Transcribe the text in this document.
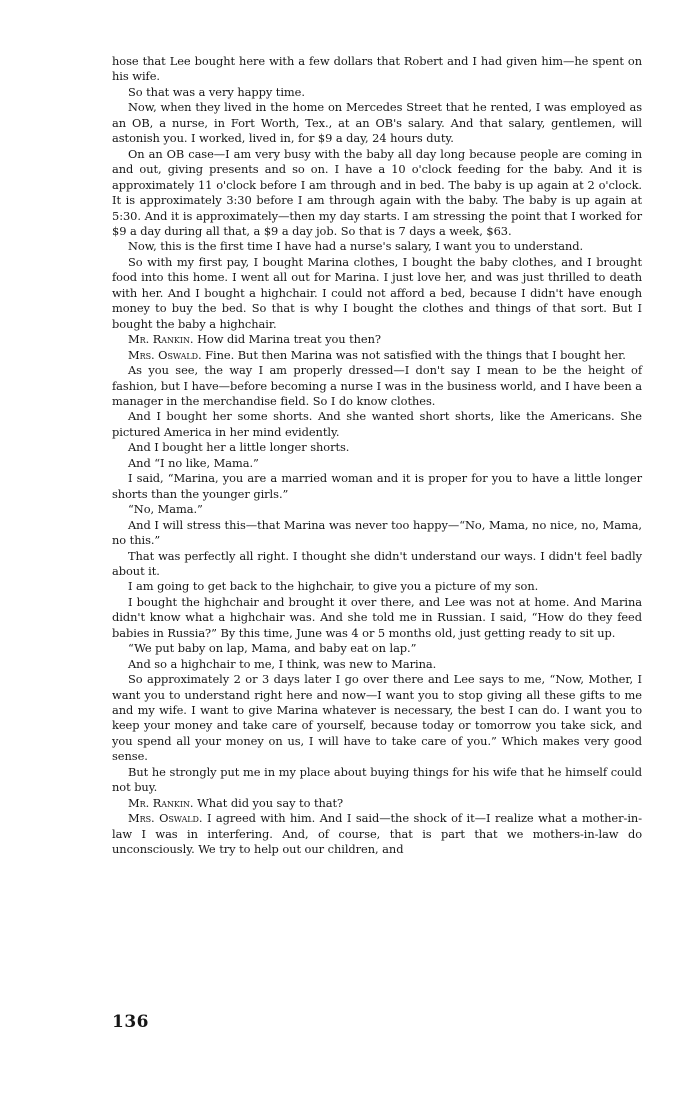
hose that Lee bought here with a few dollars that Robert and I had given him—he spent on his wife.

So that was a very happy time.

Now, when they lived in the home on Mercedes Street that he rented, I was employed as an OB, a nurse, in Fort Worth, Tex., at an OB's salary. And that salary, gentlemen, will astonish you. I worked, lived in, for $9 a day, 24 hours duty.

On an OB case—I am very busy with the baby all day long because people are coming in and out, giving presents and so on. I have a 10 o'clock feeding for the baby. And it is approximately 11 o'clock before I am through and in bed. The baby is up again at 2 o'clock. It is approximately 3:30 before I am through again with the baby. The baby is up again at 5:30. And it is approximately—then my day starts. I am stressing the point that I worked for $9 a day during all that, a $9 a day job. So that is 7 days a week, $63.

Now, this is the first time I have had a nurse's salary, I want you to understand.

So with my first pay, I bought Marina clothes, I bought the baby clothes, and I brought food into this home. I went all out for Marina. I just love her, and was just thrilled to death with her. And I bought a highchair. I could not afford a bed, because I didn't have enough money to buy the bed. So that is why I bought the clothes and things of that sort. But I bought the baby a highchair.

Mr. Rankin. How did Marina treat you then?

Mrs. Oswald. Fine. But then Marina was not satisfied with the things that I bought her.

As you see, the way I am properly dressed—I don't say I mean to be the height of fashion, but I have—before becoming a nurse I was in the business world, and I have been a manager in the merchandise field. So I do know clothes.

And I bought her some shorts. And she wanted short shorts, like the Americans. She pictured America in her mind evidently.

And I bought her a little longer shorts.

And “I no like, Mama.”

I said, “Marina, you are a married woman and it is proper for you to have a little longer shorts than the younger girls.”

“No, Mama.”

And I will stress this—that Marina was never too happy—“No, Mama, no nice, no, Mama, no this.”

That was perfectly all right. I thought she didn't understand our ways. I didn't feel badly about it.

I am going to get back to the highchair, to give you a picture of my son.

I bought the highchair and brought it over there, and Lee was not at home. And Marina didn't know what a highchair was. And she told me in Russian. I said, “How do they feed babies in Russia?” By this time, June was 4 or 5 months old, just getting ready to sit up.

“We put baby on lap, Mama, and baby eat on lap.”

And so a highchair to me, I think, was new to Marina.

So approximately 2 or 3 days later I go over there and Lee says to me, “Now, Mother, I want you to understand right here and now—I want you to stop giving all these gifts to me and my wife. I want to give Marina whatever is necessary, the best I can do. I want you to keep your money and take care of yourself, because today or tomorrow you take sick, and you spend all your money on us, I will have to take care of you.” Which makes very good sense.

But he strongly put me in my place about buying things for his wife that he himself could not buy.

Mr. Rankin. What did you say to that?

Mrs. Oswald. I agreed with him. And I said—the shock of it—I realize what a mother-in-law I was in interfering. And, of course, that is part that we mothers-in-law do unconsciously. We try to help out our children, and

136
